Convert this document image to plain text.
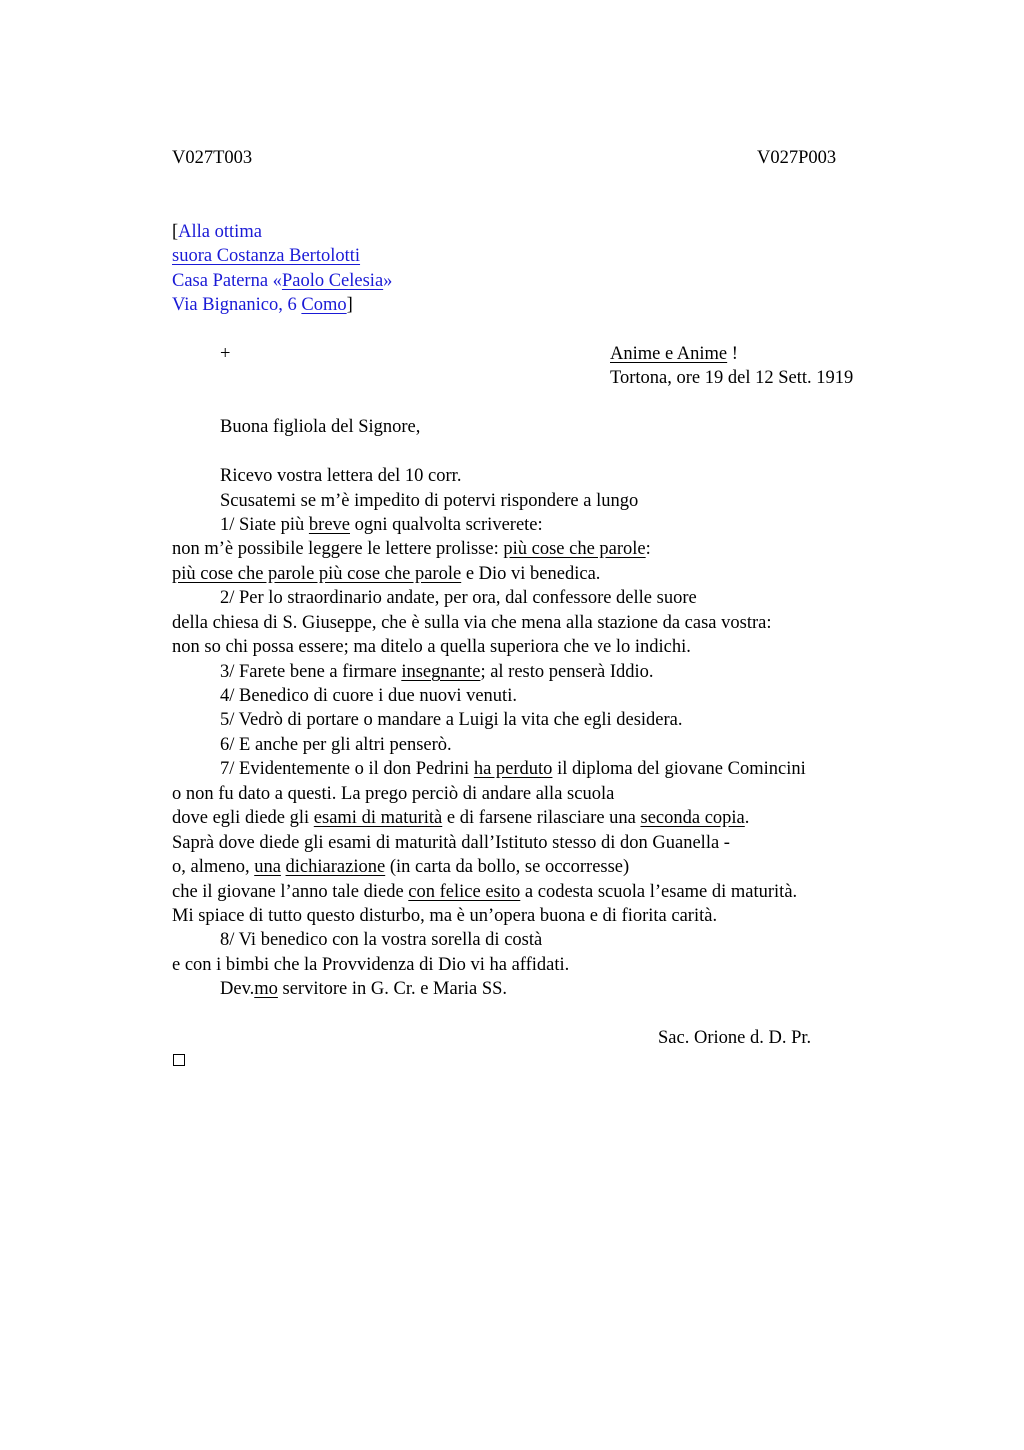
V027T003	V027P003
[Alla ottima
suora Costanza Bertolotti
Casa Paterna «Paolo Celesia»
Via Bignanico, 6 Como]
+	Anime e Anime !
Tortona, ore 19 del 12 Sett. 1919
Buona figliola del Signore,
Ricevo vostra lettera del 10 corr.
Scusatemi se m’è impedito di potervi rispondere a lungo
1/ Siate più breve ogni qualvolta scriverete:
non m’è possibile leggere le lettere prolisse: più cose che parole:
più cose che parole più cose che parole e Dio vi benedica.
2/ Per lo straordinario andate, per ora, dal confessore delle suore
della chiesa di S. Giuseppe, che è sulla via che mena alla stazione da casa vostra:
non so chi possa essere; ma ditelo a quella superiora che ve lo indichi.
3/ Farete bene a firmare insegnante; al resto penserà Iddio.
4/ Benedico di cuore i due nuovi venuti.
5/ Vedrò di portare o mandare a Luigi la vita che egli desidera.
6/ E anche per gli altri penserò.
7/ Evidentemente o il don Pedrini ha perduto il diploma del giovane Comincini
o non fu dato a questi. La prego perciò di andare alla scuola
dove egli diede gli esami di maturità e di farsene rilasciare una seconda copia.
Saprà dove diede gli esami di maturità dall’Istituto stesso di don Guanella -
o, almeno, una dichiarazione (in carta da bollo, se occorresse)
che il giovane l’anno tale diede con felice esito a codesta scuola l’esame di maturità.
Mi spiace di tutto questo disturbo, ma è un’opera buona e di fiorita carità.
8/ Vi benedico con la vostra sorella di costà
e con i bimbi che la Provvidenza di Dio vi ha affidati.
Dev.mo servitore in G. Cr. e Maria SS.
Sac. Orione d. D. Pr.
